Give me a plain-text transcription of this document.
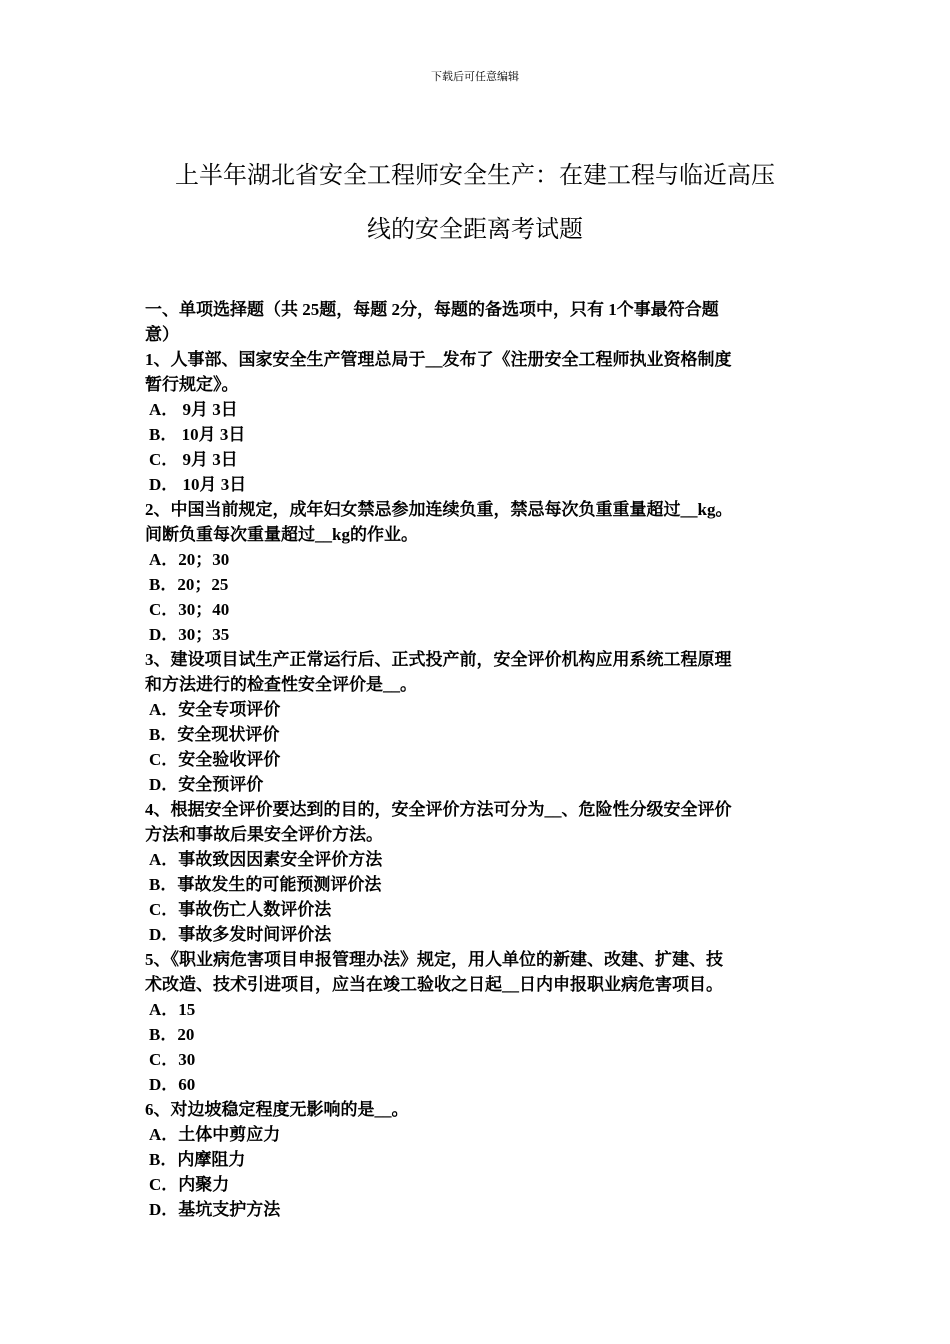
下载后可任意编辑
上半年湖北省安全工程师安全生产：在建工程与临近高压
线的安全距离考试题
一、单项选择题（共 25题，每题 2分，每题的备选项中，只有 1个事最符合题
意）
1、人事部、国家安全生产管理总局于__发布了《注册安全工程师执业资格制度
暂行规定》。
A． 9月 3日
B． 10月 3日
C． 9月 3日
D． 10月 3日
2、中国当前规定，成年妇女禁忌参加连续负重，禁忌每次负重重量超过__kg。
间断负重每次重量超过__kg的作业。
A．20；30
B．20；25
C．30；40
D．30；35
3、建设项目试生产正常运行后、正式投产前，安全评价机构应用系统工程原理
和方法进行的检查性安全评价是__。
A．安全专项评价
B．安全现状评价
C．安全验收评价
D．安全预评价
4、根据安全评价要达到的目的，安全评价方法可分为__、危险性分级安全评价
方法和事故后果安全评价方法。
A．事故致因因素安全评价方法
B．事故发生的可能预测评价法
C．事故伤亡人数评价法
D．事故多发时间评价法
5、《职业病危害项目申报管理办法》规定，用人单位的新建、改建、扩建、技
术改造、技术引进项目，应当在竣工验收之日起__日内申报职业病危害项目。
A．15
B．20
C．30
D．60
6、对边坡稳定程度无影响的是__。
A．土体中剪应力
B．内摩阻力
C．内聚力
D．基坑支护方法
